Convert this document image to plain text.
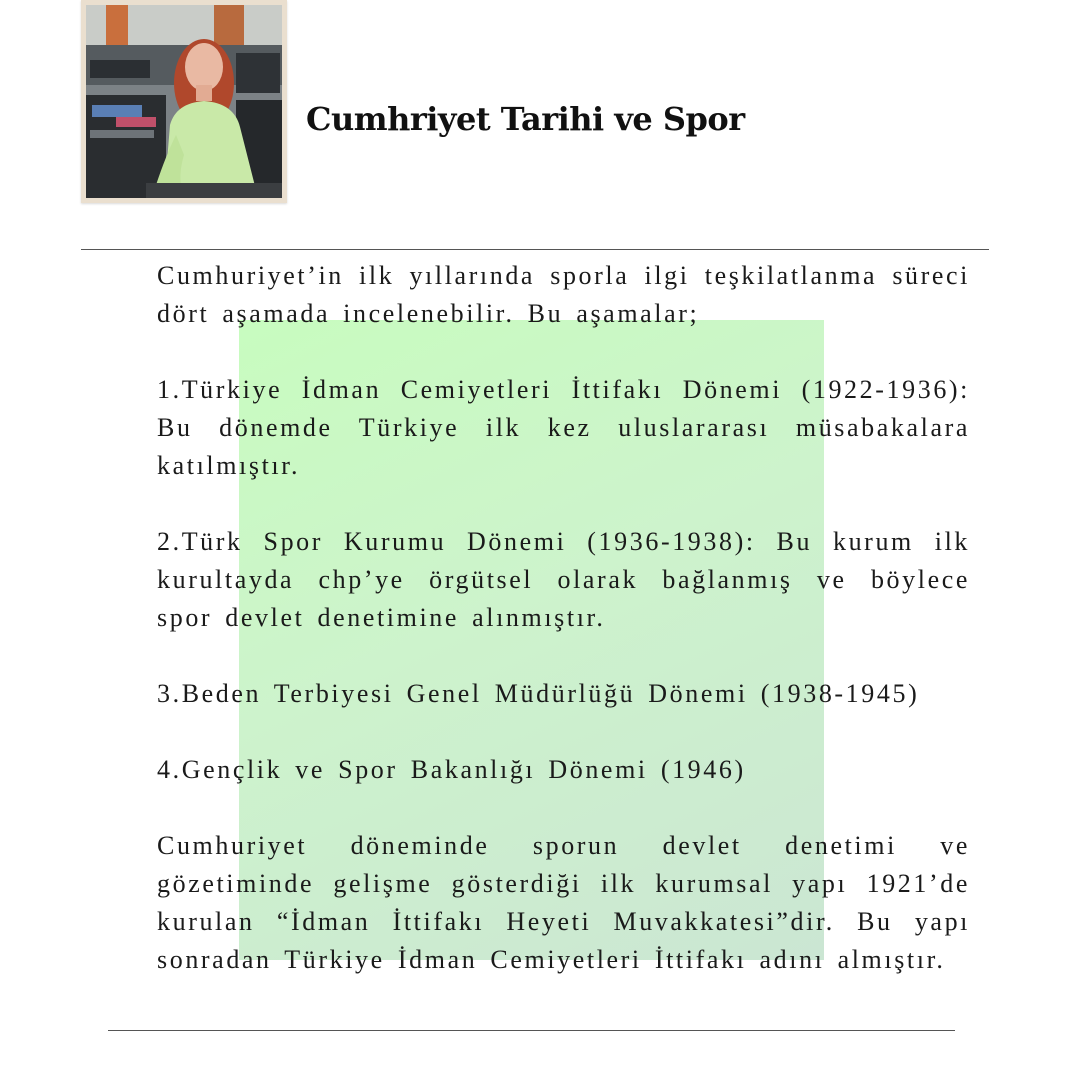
Cumhriyet Tarihi ve Spor

Cumhuriyet’in ilk yıllarında sporla ilgi teşkilatlanma süreci dört aşamada incelenebilir. Bu aşamalar;

1.Türkiye İdman Cemiyetleri İttifakı Dönemi (1922-1936): Bu dönemde Türkiye ilk kez uluslararası müsabakalara katılmıştır.

2.Türk Spor Kurumu Dönemi (1936-1938): Bu kurum ilk kurultayda chp’ye örgütsel olarak bağlanmış ve böylece spor devlet denetimine alınmıştır.

3.Beden Terbiyesi Genel Müdürlüğü Dönemi (1938-1945)

4.Gençlik ve Spor Bakanlığı Dönemi (1946)

Cumhuriyet döneminde sporun devlet denetimi ve gözetiminde gelişme gösterdiği ilk kurumsal yapı 1921’de kurulan “İdman İttifakı Heyeti Muvakkatesi”dir. Bu yapı sonradan Türkiye İdman Cemiyetleri İttifakı adını almıştır.
